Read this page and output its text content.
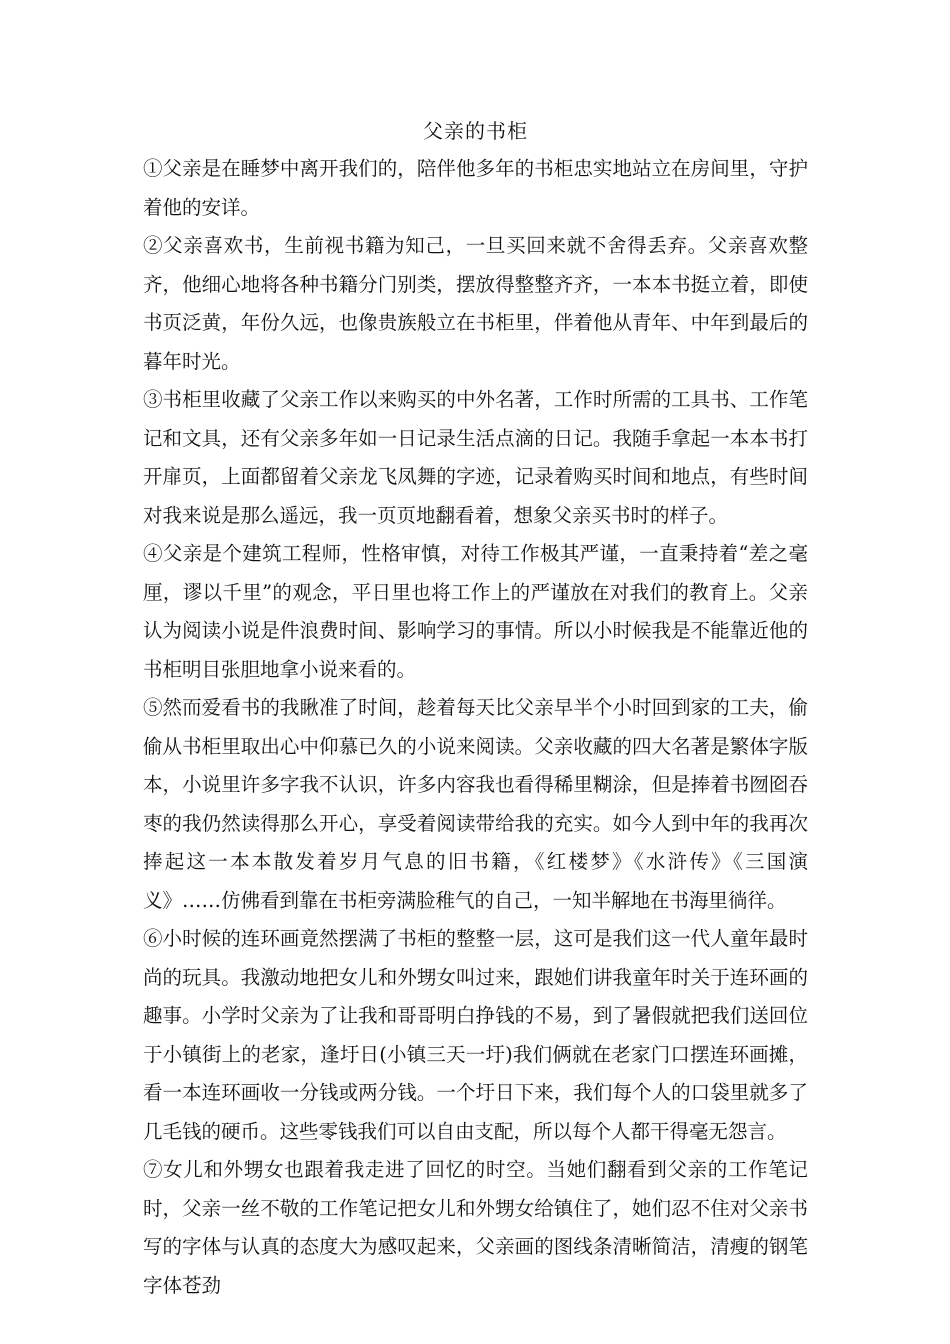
父亲的书柜

①父亲是在睡梦中离开我们的，陪伴他多年的书柜忠实地站立在房间里，守护着他的安详。

②父亲喜欢书，生前视书籍为知己，一旦买回来就不舍得丢弃。父亲喜欢整齐，他细心地将各种书籍分门别类，摆放得整整齐齐，一本本书挺立着，即使书页泛黄，年份久远，也像贵族般立在书柜里，伴着他从青年、中年到最后的暮年时光。

③书柜里收藏了父亲工作以来购买的中外名著，工作时所需的工具书、工作笔记和文具，还有父亲多年如一日记录生活点滴的日记。我随手拿起一本本书打开扉页，上面都留着父亲龙飞凤舞的字迹，记录着购买时间和地点，有些时间对我来说是那么遥远，我一页页地翻看着，想象父亲买书时的样子。

④父亲是个建筑工程师，性格审慎，对待工作极其严谨，一直秉持着“差之毫厘，谬以千里”的观念，平日里也将工作上的严谨放在对我们的教育上。父亲认为阅读小说是件浪费时间、影响学习的事情。所以小时候我是不能靠近他的书柜明目张胆地拿小说来看的。

⑤然而爱看书的我瞅准了时间，趁着每天比父亲早半个小时回到家的工夫，偷偷从书柜里取出心中仰慕已久的小说来阅读。父亲收藏的四大名著是繁体字版本，小说里许多字我不认识，许多内容我也看得稀里糊涂，但是捧着书囫囵吞枣的我仍然读得那么开心，享受着阅读带给我的充实。如今人到中年的我再次捧起这一本本散发着岁月气息的旧书籍，《红楼梦》《水浒传》《三国演义》……仿佛看到靠在书柜旁满脸稚气的自己，一知半解地在书海里徜徉。

⑥小时候的连环画竟然摆满了书柜的整整一层，这可是我们这一代人童年最时尚的玩具。我激动地把女儿和外甥女叫过来，跟她们讲我童年时关于连环画的趣事。小学时父亲为了让我和哥哥明白挣钱的不易，到了暑假就把我们送回位于小镇街上的老家，逢圩日(小镇三天一圩)我们俩就在老家门口摆连环画摊，看一本连环画收一分钱或两分钱。一个圩日下来，我们每个人的口袋里就多了几毛钱的硬币。这些零钱我们可以自由支配，所以每个人都干得毫无怨言。

⑦女儿和外甥女也跟着我走进了回忆的时空。当她们翻看到父亲的工作笔记时，父亲一丝不敬的工作笔记把女儿和外甥女给镇住了，她们忍不住对父亲书写的字体与认真的态度大为感叹起来，父亲画的图线条清晰简洁，清瘦的钢笔字体苍劲
